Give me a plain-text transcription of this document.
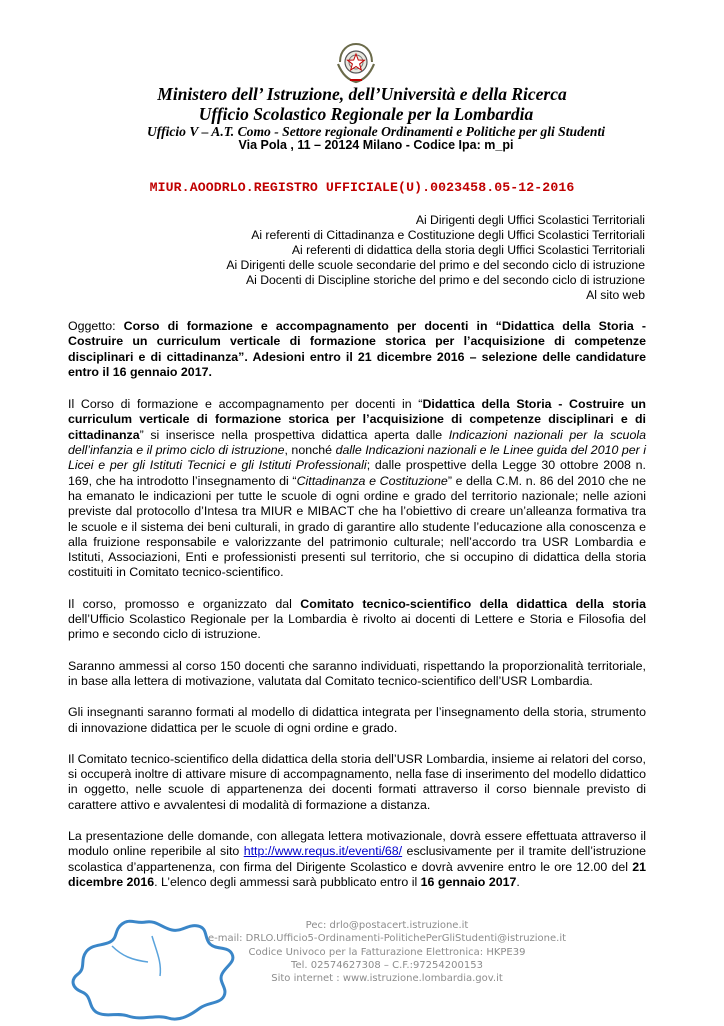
Ministero dell’ Istruzione, dell’Università e della Ricerca
Ufficio Scolastico Regionale per la Lombardia
Ufficio V – A.T. Como - Settore regionale Ordinamenti e Politiche per gli Studenti
Via Pola , 11 – 20124 Milano - Codice Ipa: m_pi
MIUR.AOODRLO.REGISTRO UFFICIALE(U).0023458.05-12-2016
Ai Dirigenti degli Uffici Scolastici Territoriali
Ai referenti di Cittadinanza e Costituzione degli Uffici Scolastici Territoriali
Ai referenti di didattica della storia degli Uffici Scolastici Territoriali
Ai Dirigenti delle scuole secondarie del primo e del secondo ciclo di istruzione
Ai Docenti di Discipline storiche del primo e del secondo ciclo di istruzione
Al sito web

Oggetto: Corso di formazione e accompagnamento per docenti in “Didattica della Storia - Costruire un curriculum verticale di formazione storica per l’acquisizione di competenze disciplinari e di cittadinanza”. Adesioni entro il 21 dicembre 2016 – selezione delle candidature entro il 16 gennaio 2017.

Il Corso di formazione e accompagnamento per docenti in “Didattica della Storia - Costruire un curriculum verticale di formazione storica per l’acquisizione di competenze disciplinari e di cittadinanza” si inserisce nella prospettiva didattica aperta dalle Indicazioni nazionali per la scuola dell’infanzia e il primo ciclo di istruzione, nonché dalle Indicazioni nazionali e le Linee guida del 2010 per i Licei e per gli Istituti Tecnici e gli Istituti Professionali; dalle prospettive della Legge 30 ottobre 2008 n. 169, che ha introdotto l’insegnamento di “Cittadinanza e Costituzione” e della C.M. n. 86 del 2010 che ne ha emanato le indicazioni per tutte le scuole di ogni ordine e grado del territorio nazionale; nelle azioni previste dal protocollo d’Intesa tra MIUR e MIBACT che ha l’obiettivo di creare un’alleanza formativa tra le scuole e il sistema dei beni culturali, in grado di garantire allo studente l’educazione alla conoscenza e alla fruizione responsabile e valorizzante del patrimonio culturale; nell’accordo tra USR Lombardia e Istituti, Associazioni, Enti e professionisti presenti sul territorio, che si occupino di didattica della storia costituiti in Comitato tecnico-scientifico.

Il corso, promosso e organizzato dal Comitato tecnico-scientifico della didattica della storia dell’Ufficio Scolastico Regionale per la Lombardia è rivolto ai docenti di Lettere e Storia e Filosofia del primo e secondo ciclo di istruzione.

Saranno ammessi al corso 150 docenti che saranno individuati, rispettando la proporzionalità territoriale, in base alla lettera di motivazione, valutata dal Comitato tecnico-scientifico dell’USR Lombardia.

Gli insegnanti saranno formati al modello di didattica integrata per l’insegnamento della storia, strumento di innovazione didattica per le scuole di ogni ordine e grado.

Il Comitato tecnico-scientifico della didattica della storia dell’USR Lombardia, insieme ai relatori del corso, si occuperà inoltre di attivare misure di accompagnamento, nella fase di inserimento del modello didattico in oggetto, nelle scuole di appartenenza dei docenti formati attraverso il corso biennale previsto di carattere attivo e avvalentesi di modalità di formazione a distanza.

La presentazione delle domande, con allegata lettera motivazionale, dovrà essere effettuata attraverso il modulo online reperibile al sito http://www.requs.it/eventi/68/ esclusivamente per il tramite dell’istruzione scolastica d’appartenenza, con firma del Dirigente Scolastico e dovrà avvenire entro le ore 12.00 del 21 dicembre 2016. L’elenco degli ammessi sarà pubblicato entro il 16 gennaio 2017.

Pec: drlo@postacert.istruzione.it
e-mail: DRLO.Ufficio5-Ordinamenti-PolitichePerGliStudenti@istruzione.it
Codice Univoco per la Fatturazione Elettronica: HKPE39
Tel. 02574627308 – C.F.:97254200153
Sito internet : www.istruzione.lombardia.gov.it
